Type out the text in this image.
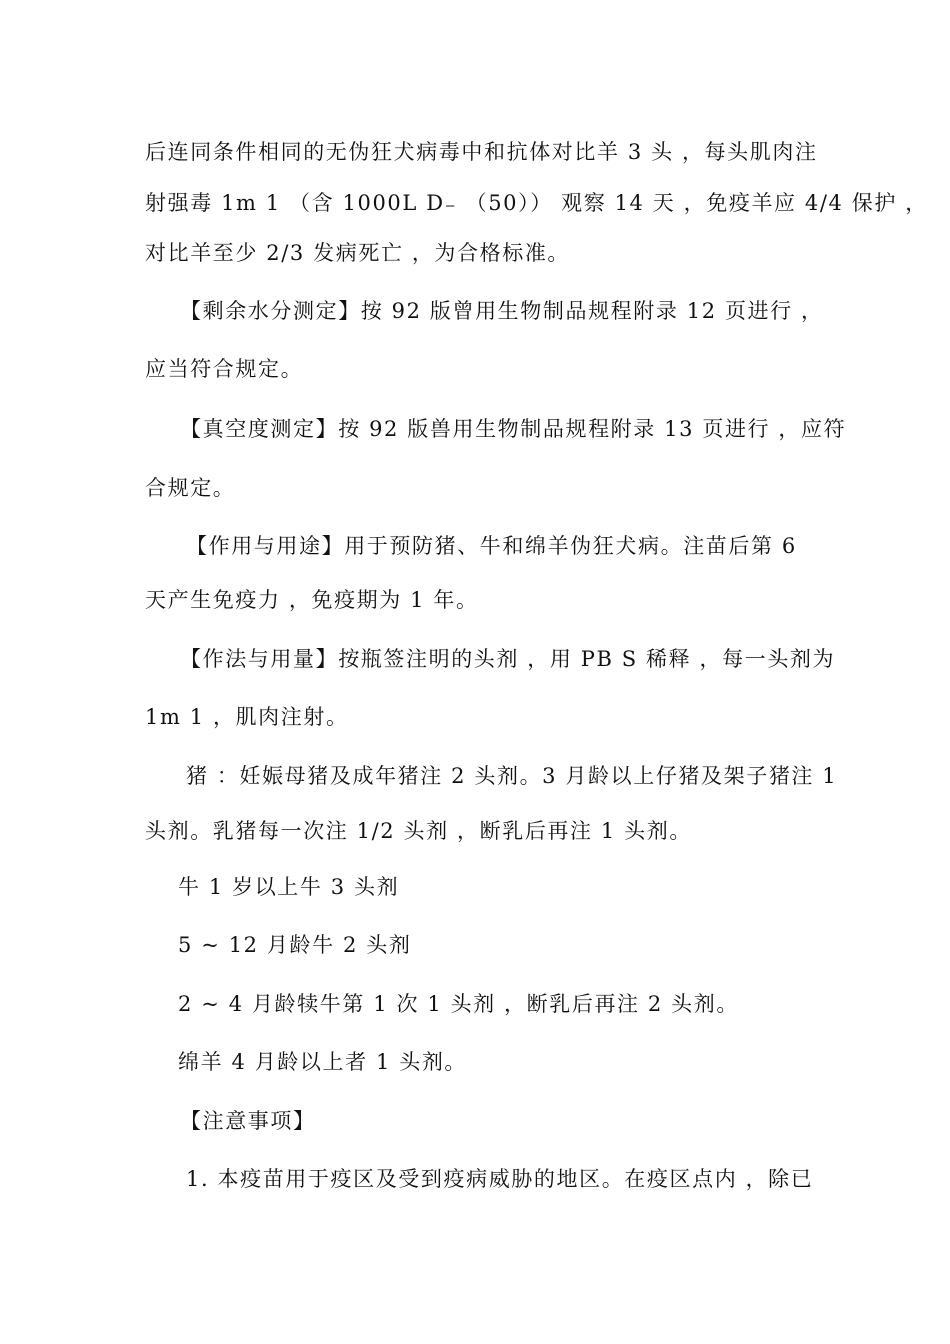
后连同条件相同的无伪狂犬病毒中和抗体对比羊 3 头 ，每头肌肉注
射强毒 1m 1 （含 1000L D₋ （50）） 观察 14 天 ，免疫羊应 4/4 保护 ，
对比羊至少 2/3 发病死亡 ，为合格标准。
【剩余水分测定】按 92 版曾用生物制品规程附录 12 页进行 ，
应当符合规定。
【真空度测定】按 92 版兽用生物制品规程附录 13 页进行 ，应符
合规定。
【作用与用途】用于预防猪、牛和绵羊伪狂犬病。注苗后第 6
天产生免疫力 ，免疫期为 1 年。
【作法与用量】按瓶签注明的头剂 ，用 PB S 稀释 ，每一头剂为
1m 1 ，肌肉注射。
猪 ：妊娠母猪及成年猪注 2 头剂。3 月龄以上仔猪及架子猪注 1
头剂。乳猪每一次注 1/2 头剂 ，断乳后再注 1 头剂。
牛 1 岁以上牛 3 头剂
5 ~ 12 月龄牛 2 头剂
2 ~ 4 月龄犊牛第 1 次 1 头剂 ，断乳后再注 2 头剂。
绵羊 4 月龄以上者 1 头剂。
【注意事项】
1. 本疫苗用于疫区及受到疫病威胁的地区。在疫区点内 ，除已
